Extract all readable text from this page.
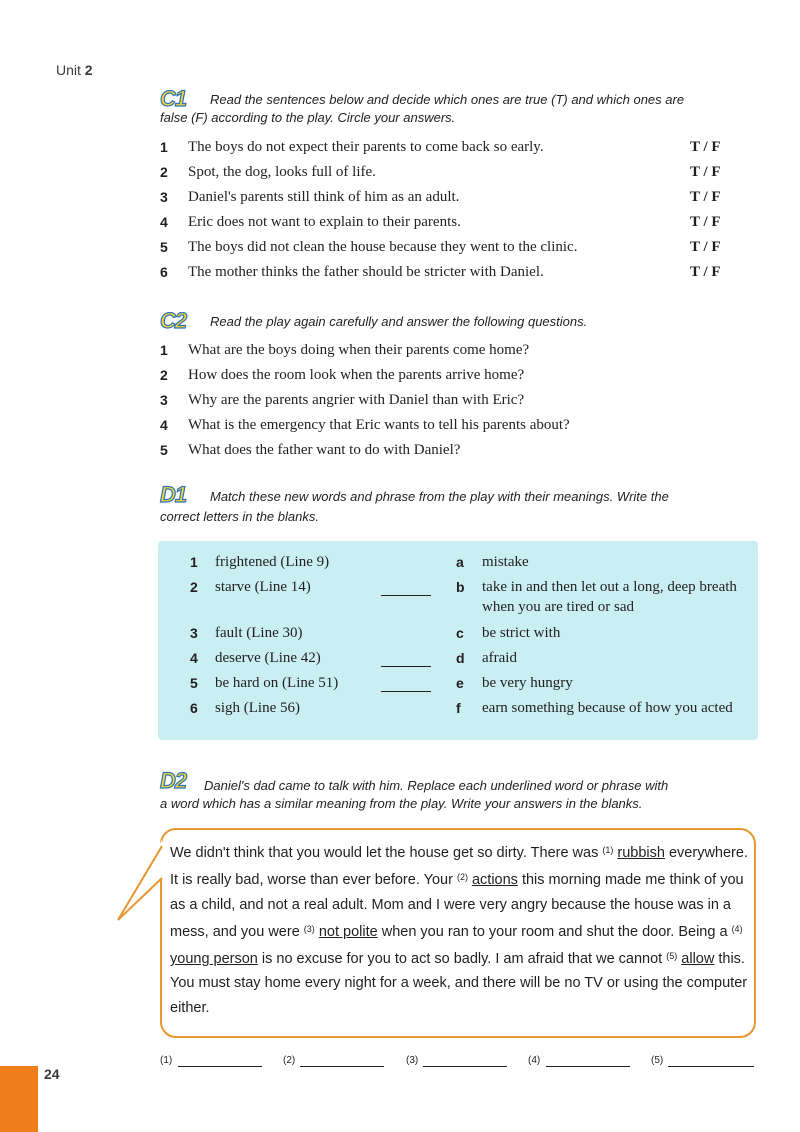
Unit 2
C1 Read the sentences below and decide which ones are true (T) and which ones are
false (F) according to the play. Circle your answers.
1 The boys do not expect their parents to come back so early.	T / F
2 Spot, the dog, looks full of life.	T / F
3 Daniel's parents still think of him as an adult.	T / F
4 Eric does not want to explain to their parents.	T / F
5 The boys did not clean the house because they went to the clinic.	T / F
6 The mother thinks the father should be stricter with Daniel.	T / F
C2 Read the play again carefully and answer the following questions.
1 What are the boys doing when their parents come home?
2 How does the room look when the parents arrive home?
3 Why are the parents angrier with Daniel than with Eric?
4 What is the emergency that Eric wants to tell his parents about?
5 What does the father want to do with Daniel?
D1 Match these new words and phrase from the play with their meanings. Write the
correct letters in the blanks.
1 frightened (Line 9)	a mistake
2 starve (Line 14)	b take in and then let out a long, deep breath when you are tired or sad
3 fault (Line 30)	c be strict with
4 deserve (Line 42)	d afraid
5 be hard on (Line 51)	e be very hungry
6 sigh (Line 56)	f earn something because of how you acted
D2 Daniel's dad came to talk with him. Replace each underlined word or phrase with
a word which has a similar meaning from the play. Write your answers in the blanks.
We didn't think that you would let the house get so dirty. There was $^{(1)}$ rubbish everywhere. It is really bad, worse than ever before. Your $^{(2)}$ actions this morning made me think of you as a child, and not a real adult. Mom and I were very angry because the house was in a mess, and you were $^{(3)}$ not polite when you ran to your room and shut the door. Being a $^{(4)}$ young person is no excuse for you to act so badly. I am afraid that we cannot $^{(5)}$ allow this. You must stay home every night for a week, and there will be no TV or using the computer either.
(1)	(2)	(3)	(4)	(5)
24
